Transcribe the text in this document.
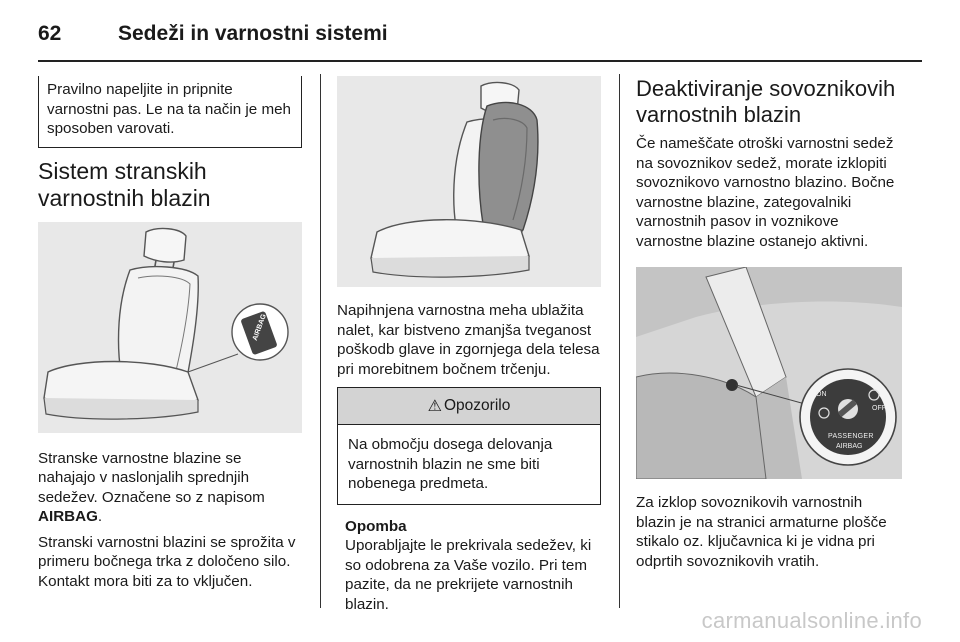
62	Sedeži in varnostni sistemi

Pravilno napeljite in pripnite varnostni pas. Le na ta način je meh sposoben varovati.

Sistem stranskih varnostnih blazin
AIRBAG

Stranske varnostne blazine se nahajajo v naslonjalih sprednjih sedežev. Označene so z napisom AIRBAG.

Stranski varnostni blazini se sprožita v primeru bočnega trka z določeno silo. Kontakt mora biti za to vključen.

Napihnjena varnostna meha ublažita nalet, kar bistveno zmanjša tveganost poškodb glave in zgornjega dela telesa pri morebitnem bočnem trčenju.

⚠ Opozorilo

Na območju dosega delovanja varnostnih blazin ne sme biti nobenega predmeta.

Opomba

Uporabljajte le prekrivala sedežev, ki so odobrena za Vaše vozilo. Pri tem pazite, da ne prekrijete varnostnih blazin.

Deaktiviranje sovoznikovih varnostnih blazin

Če nameščate otroški varnostni sedež na sovoznikov sedež, morate izklopiti sovoznikovo varnostno blazino. Bočne varnostne blazine, zategovalniki varnostnih pasov in voznikove varnostne blazine ostanejo aktivni.

ON
OFF
PASSENGER
AIRBAG

Za izklop sovoznikovih varnostnih blazin je na stranici armaturne plošče stikalo oz. ključavnica ki je vidna pri odprtih sovoznikovih vratih.

carmanualsonline.info
